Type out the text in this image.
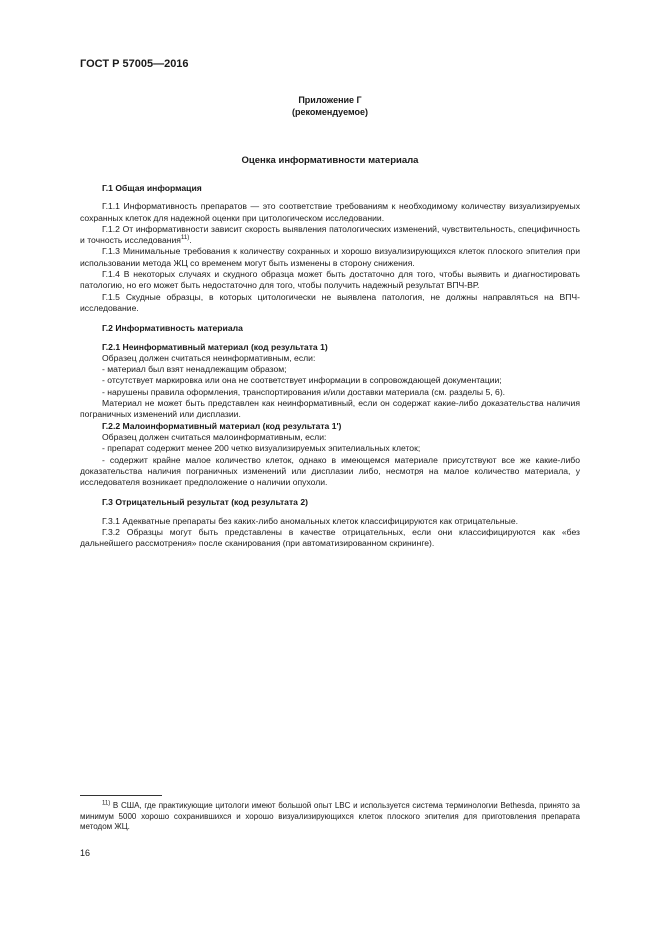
ГОСТ Р 57005—2016
Приложение Г
(рекомендуемое)
Оценка информативности материала
Г.1 Общая информация

Г.1.1 Информативность препаратов — это соответствие требованиям к необходимому количеству визуализируемых сохранных клеток для надежной оценки при цитологическом исследовании.

Г.1.2 От информативности зависит скорость выявления патологических изменений, чувствительность, специфичность и точность исследования$^{11)}$.

Г.1.3 Минимальные требования к количеству сохранных и хорошо визуализирующихся клеток плоского эпителия при использовании метода ЖЦ со временем могут быть изменены в сторону снижения.

Г.1.4 В некоторых случаях и скудного образца может быть достаточно для того, чтобы выявить и диагностировать патологию, но его может быть недостаточно для того, чтобы получить надежный результат ВПЧ-ВР.

Г.1.5 Скудные образцы, в которых цитологически не выявлена патология, не должны направляться на ВПЧ-исследование.

Г.2 Информативность материала
Г.2.1 Неинформативный материал (код результата 1)

Образец должен считаться неинформативным, если:

- материал был взят ненадлежащим образом;

- отсутствует маркировка или она не соответствует информации в сопровождающей документации;

- нарушены правила оформления, транспортирования и/или доставки материала (см. разделы 5, 6).

Материал не может быть представлен как неинформативный, если он содержат какие-либо доказательства наличия пограничных изменений или дисплазии.

Г.2.2 Малоинформативный материал (код результата 1')

Образец должен считаться малоинформативным, если:

- препарат содержит менее 200 четко визуализируемых эпителиальных клеток;

- содержит крайне малое количество клеток, однако в имеющемся материале присутствуют все же какие-либо доказательства наличия пограничных изменений или дисплазии либо, несмотря на малое количество материала, у исследователя возникает предположение о наличии опухоли.

Г.3 Отрицательный результат (код результата 2)

Г.3.1 Адекватные препараты без каких-либо аномальных клеток классифицируются как отрицательные.

Г.3.2 Образцы могут быть представлены в качестве отрицательных, если они классифицируются как «без дальнейшего рассмотрения» после сканирования (при автоматизированном скрининге).

$^{11)}$ В США, где практикующие цитологи имеют большой опыт LBC и используется система терминологии Bethesda, принято за минимум 5000 хорошо сохранившихся и хорошо визуализирующихся клеток плоского эпителия для приготовления препарата методом ЖЦ.
16
